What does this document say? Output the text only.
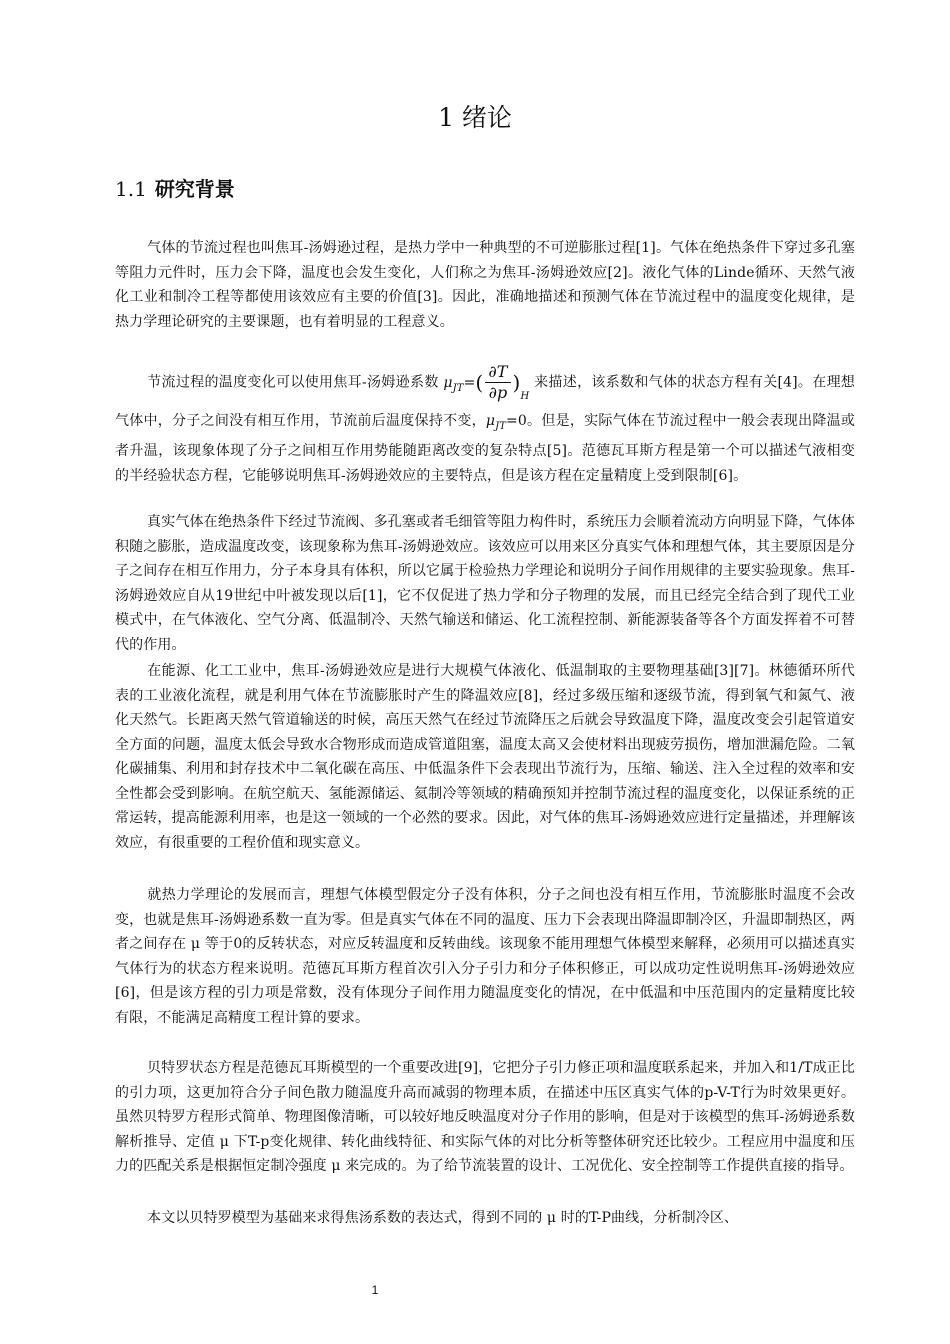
1 绪论
1.1 研究背景

气体的节流过程也叫焦耳-汤姆逊过程，是热力学中一种典型的不可逆膨胀过程[1]。气体在绝热条件下穿过多孔塞等阻力元件时，压力会下降，温度也会发生变化，人们称之为焦耳-汤姆逊效应[2]。液化气体的Linde循环、天然气液化工业和制冷工程等都使用该效应有主要的价值[3]。因此，准确地描述和预测气体在节流过程中的温度变化规律，是热力学理论研究的主要课题，也有着明显的工程意义。

节流过程的温度变化可以使用焦耳-汤姆逊系数 $\mu_{JT}=( \frac{\partial T}{\partial p} )_H$ 来描述，该系数和气体的状态方程有关[4]。在理想气体中，分子之间没有相互作用，节流前后温度保持不变，$\mu_{JT}=0$。但是，实际气体在节流过程中一般会表现出降温或者升温，该现象体现了分子之间相互作用势能随距离改变的复杂特点[5]。范德瓦耳斯方程是第一个可以描述气液相变的半经验状态方程，它能够说明焦耳-汤姆逊效应的主要特点，但是该方程在定量精度上受到限制[6]。

真实气体在绝热条件下经过节流阀、多孔塞或者毛细管等阻力构件时，系统压力会顺着流动方向明显下降，气体体积随之膨胀，造成温度改变，该现象称为焦耳-汤姆逊效应。该效应可以用来区分真实气体和理想气体，其主要原因是分子之间存在相互作用力，分子本身具有体积，所以它属于检验热力学理论和说明分子间作用规律的主要实验现象。焦耳-汤姆逊效应自从19世纪中叶被发现以后[1]，它不仅促进了热力学和分子物理的发展，而且已经完全结合到了现代工业模式中，在气体液化、空气分离、低温制冷、天然气输送和储运、化工流程控制、新能源装备等各个方面发挥着不可替代的作用。

在能源、化工工业中，焦耳-汤姆逊效应是进行大规模气体液化、低温制取的主要物理基础[3][7]。林德循环所代表的工业液化流程，就是利用气体在节流膨胀时产生的降温效应[8]，经过多级压缩和逐级节流，得到氧气和氮气、液化天然气。长距离天然气管道输送的时候，高压天然气在经过节流降压之后就会导致温度下降，温度改变会引起管道安全方面的问题，温度太低会导致水合物形成而造成管道阻塞，温度太高又会使材料出现疲劳损伤，增加泄漏危险。二氧化碳捕集、利用和封存技术中二氧化碳在高压、中低温条件下会表现出节流行为，压缩、输送、注入全过程的效率和安全性都会受到影响。在航空航天、氢能源储运、氦制冷等领域的精确预知并控制节流过程的温度变化，以保证系统的正常运转，提高能源利用率，也是这一领域的一个必然的要求。因此，对气体的焦耳-汤姆逊效应进行定量描述，并理解该效应，有很重要的工程价值和现实意义。

就热力学理论的发展而言，理想气体模型假定分子没有体积，分子之间也没有相互作用，节流膨胀时温度不会改变，也就是焦耳-汤姆逊系数一直为零。但是真实气体在不同的温度、压力下会表现出降温即制冷区，升温即制热区，两者之间存在 μ 等于0的反转状态，对应反转温度和反转曲线。该现象不能用理想气体模型来解释，必须用可以描述真实气体行为的状态方程来说明。范德瓦耳斯方程首次引入分子引力和分子体积修正，可以成功定性说明焦耳-汤姆逊效应[6]，但是该方程的引力项是常数，没有体现分子间作用力随温度变化的情况，在中低温和中压范围内的定量精度比较有限，不能满足高精度工程计算的要求。

贝特罗状态方程是范德瓦耳斯模型的一个重要改进[9]，它把分子引力修正项和温度联系起来，并加入和1/T成正比的引力项，这更加符合分子间色散力随温度升高而减弱的物理本质，在描述中压区真实气体的p-V-T行为时效果更好。虽然贝特罗方程形式简单、物理图像清晰，可以较好地反映温度对分子作用的影响，但是对于该模型的焦耳-汤姆逊系数解析推导、定值 μ 下T-p变化规律、转化曲线特征、和实际气体的对比分析等整体研究还比较少。工程应用中温度和压力的匹配关系是根据恒定制冷强度 μ 来完成的。为了给节流装置的设计、工况优化、安全控制等工作提供直接的指导。

本文以贝特罗模型为基础来求得焦汤系数的表达式，得到不同的 μ 时的T-P曲线，分析制冷区、

1
